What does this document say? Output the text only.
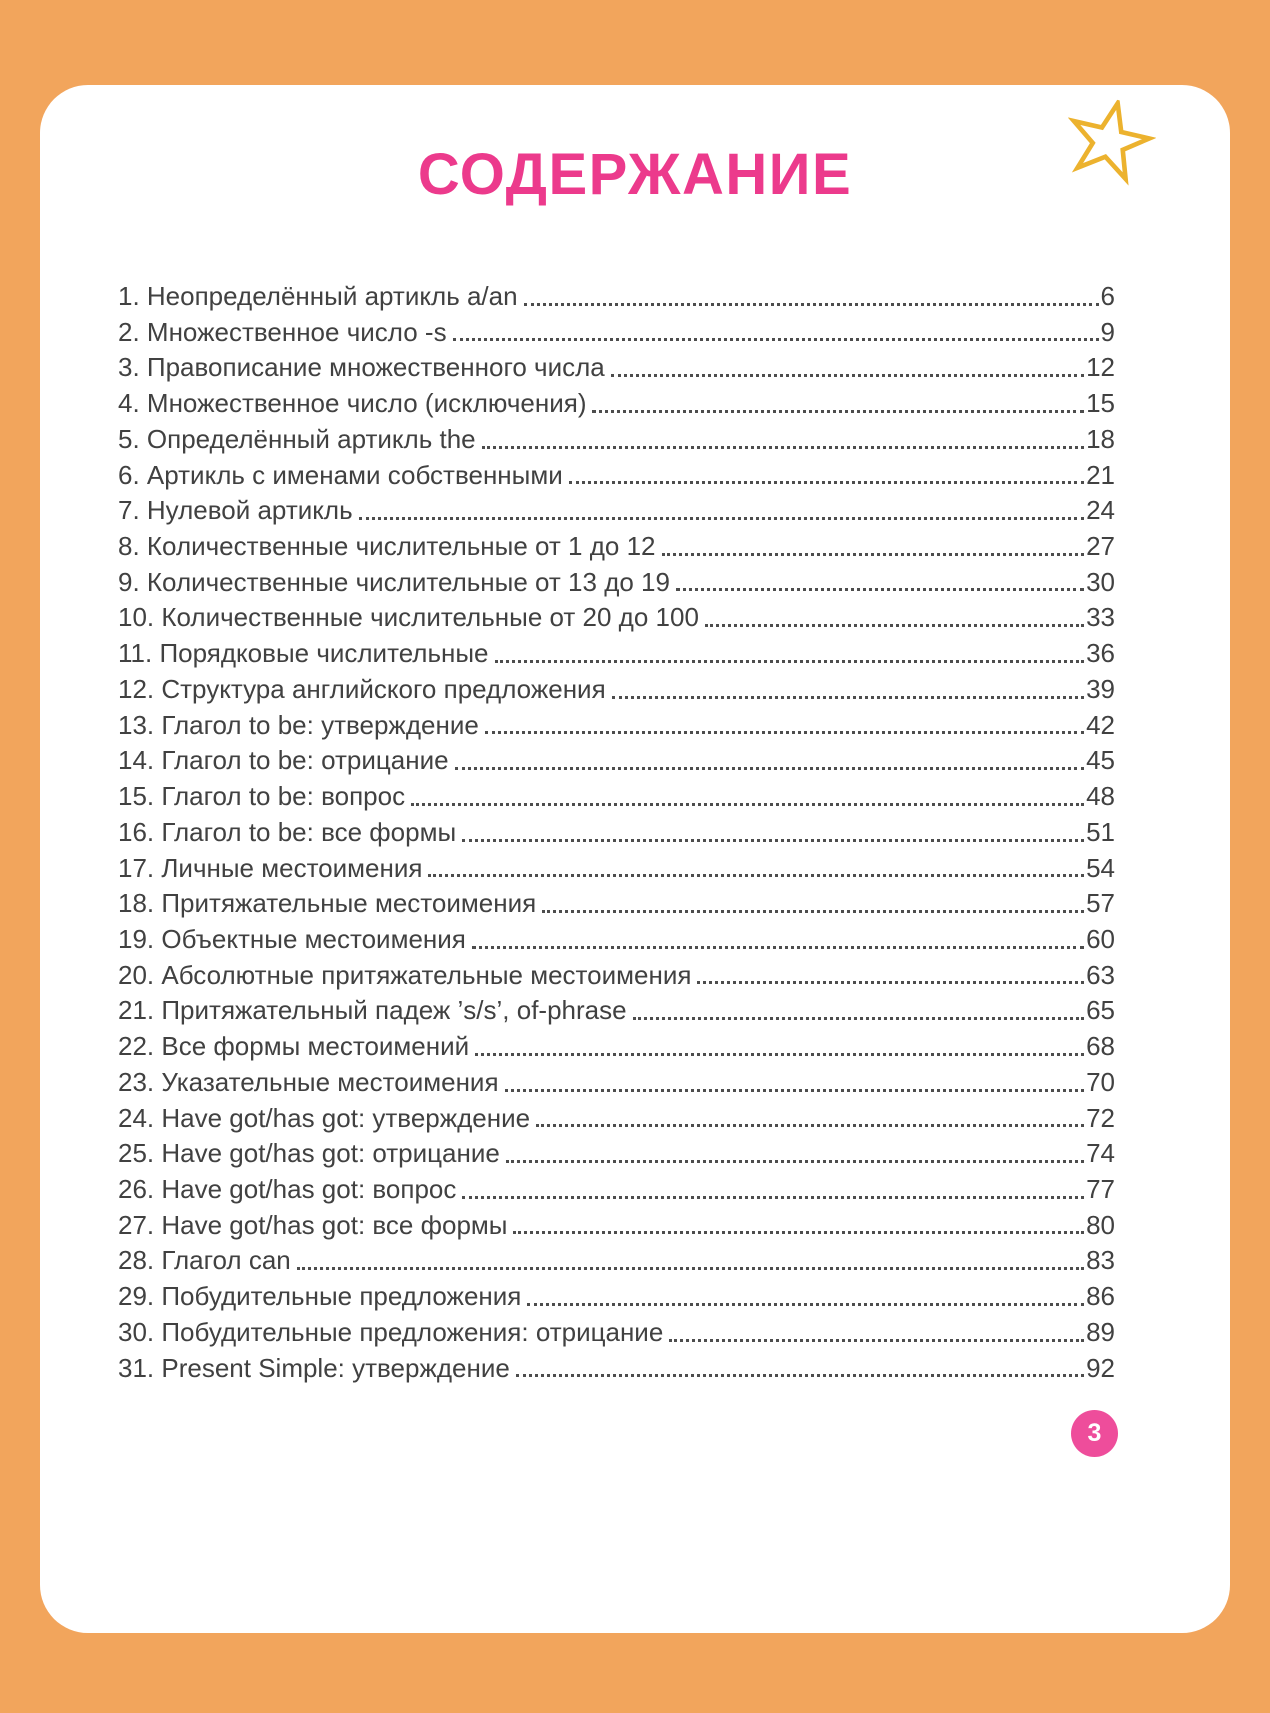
СОДЕРЖАНИЕ
1. Неопределённый артикль a/an	6
2. Множественное число -s	9
3. Правописание множественного числа	12
4. Множественное число (исключения)	15
5. Определённый артикль the	18
6. Артикль с именами собственными	21
7. Нулевой артикль	24
8. Количественные числительные от 1 до 12	27
9. Количественные числительные от 13 до 19	30
10. Количественные числительные от 20 до 100	33
11. Порядковые числительные	36
12. Структура английского предложения	39
13. Глагол to be: утверждение	42
14. Глагол to be: отрицание	45
15. Глагол to be: вопрос	48
16. Глагол to be: все формы	51
17. Личные местоимения	54
18. Притяжательные местоимения	57
19. Объектные местоимения	60
20. Абсолютные притяжательные местоимения	63
21. Притяжательный падеж ’s/s’, of-phrase	65
22. Все формы местоимений	68
23. Указательные местоимения	70
24. Have got/has got: утверждение	72
25. Have got/has got: отрицание	74
26. Have got/has got: вопрос	77
27. Have got/has got: все формы	80
28. Глагол can	83
29. Побудительные предложения	86
30. Побудительные предложения: отрицание	89
31. Present Simple: утверждение	92
3
